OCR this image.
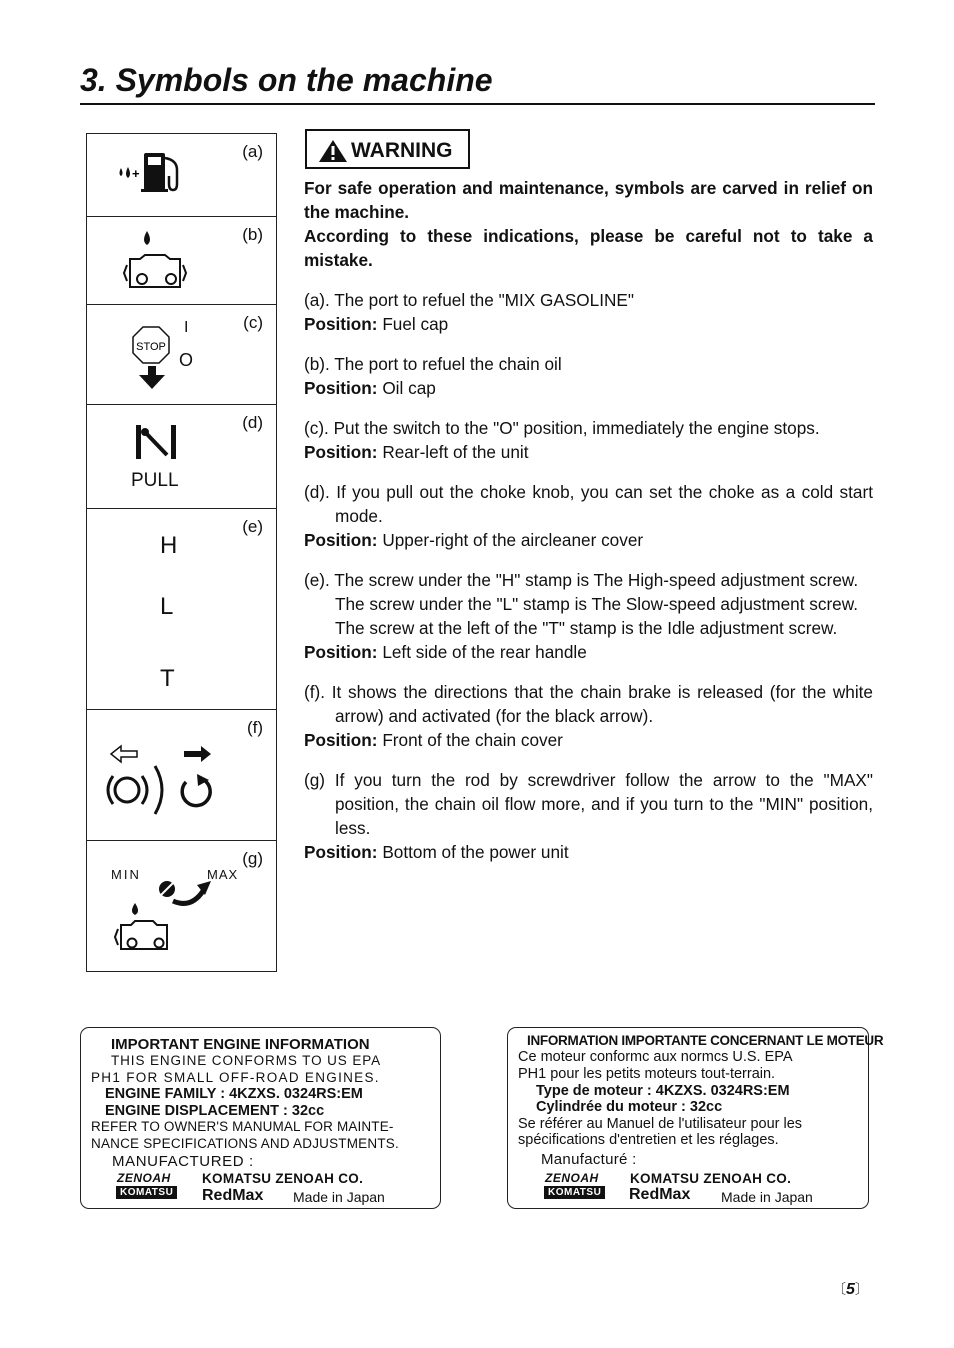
3. Symbols on the machine
(a)
+
(b)
(c)
STOP
I
O
(d)
PULL
(e)
H
L
T
(f)
(g)
MIN	MAX
WARNING

For safe operation and maintenance, symbols are carved in relief on the machine.

According to these indications, please be careful not to take a mistake.

(a). The port to refuel the "MIX GASOLINE"

Position: Fuel cap

(b). The port to refuel the chain oil

Position: Oil cap

(c). Put the switch to the "O" position, immediately the engine stops.

Position: Rear-left of the unit

(d). If you pull out the choke knob, you can set the choke as a cold start mode.

Position: Upper-right of the aircleaner cover

(e). The screw under the "H" stamp is The High-speed adjustment screw.

The screw under the "L" stamp is The Slow-speed adjustment screw.

The screw at the left of the "T" stamp is the Idle adjustment screw.

Position: Left side of the rear handle

(f). It shows the directions that the chain brake is released (for the white arrow) and activated (for the black arrow).

Position: Front of the chain cover

(g) If you turn the rod by screwdriver follow the arrow to the "MAX" position, the chain oil flow more, and if you turn to the "MIN" position, less.

Position: Bottom of the power unit

IMPORTANT ENGINE INFORMATION
THIS ENGINE CONFORMS TO US EPA
PH1 FOR SMALL OFF-ROAD ENGINES.
ENGINE FAMILY : 4KZXS. 0324RS:EM
ENGINE DISPLACEMENT : 32cc
REFER TO OWNER'S MANUMAL FOR MAINTE-
NANCE SPECIFICATIONS AND ADJUSTMENTS.
MANUFACTURED :
ZENOAH
KOMATSU
KOMATSU ZENOAH CO.
RedMax Made in Japan
INFORMATION IMPORTANTE CONCERNANT LE MOTEUR
Ce moteur conformc aux normcs U.S. EPA
PH1 pour les petits moteurs tout-terrain.
Type de moteur : 4KZXS. 0324RS:EM
Cylindrée du moteur : 32cc
Se référer au Manuel de l'utilisateur pour les
spécifications d'entretien et les réglages.
Manufacturé :
ZENOAH
KOMATSU
KOMATSU ZENOAH CO.
RedMax Made in Japan
〔5〕
